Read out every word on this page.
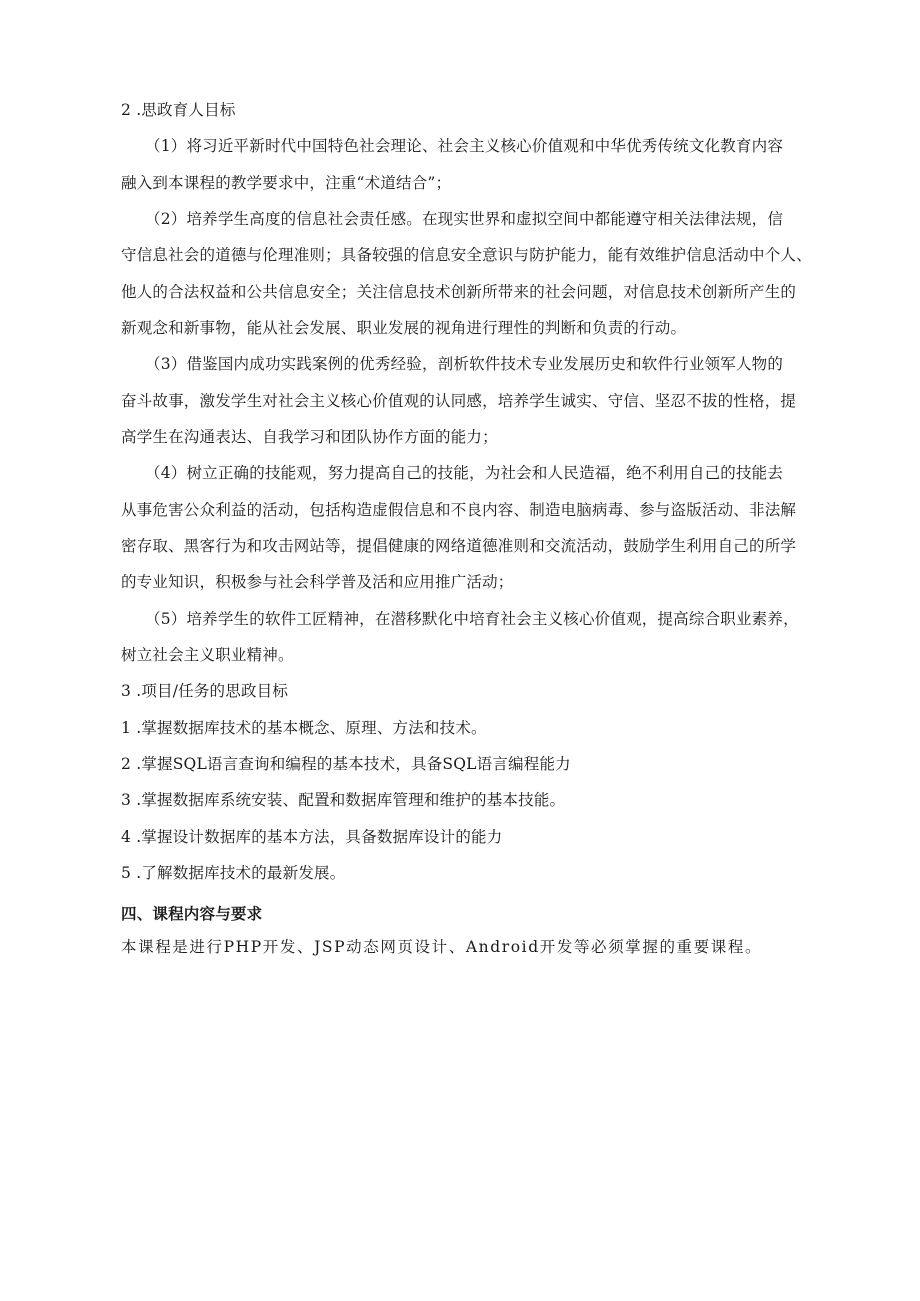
2 .思政育人目标
（1）将习近平新时代中国特色社会理论、社会主义核心价值观和中华优秀传统文化教育内容
融入到本课程的教学要求中，注重“术道结合”；
（2）培养学生高度的信息社会责任感。在现实世界和虚拟空间中都能遵守相关法律法规，信
守信息社会的道德与伦理准则；具备较强的信息安全意识与防护能力，能有效维护信息活动中个人、
他人的合法权益和公共信息安全；关注信息技术创新所带来的社会问题，对信息技术创新所产生的
新观念和新事物，能从社会发展、职业发展的视角进行理性的判断和负责的行动。
（3）借鉴国内成功实践案例的优秀经验，剖析软件技术专业发展历史和软件行业领军人物的
奋斗故事，激发学生对社会主义核心价值观的认同感，培养学生诚实、守信、坚忍不拔的性格，提
高学生在沟通表达、自我学习和团队协作方面的能力；
（4）树立正确的技能观，努力提高自己的技能，为社会和人民造福，绝不利用自己的技能去
从事危害公众利益的活动，包括构造虚假信息和不良内容、制造电脑病毒、参与盗版活动、非法解
密存取、黑客行为和攻击网站等，提倡健康的网络道德准则和交流活动，鼓励学生利用自己的所学
的专业知识，积极参与社会科学普及活和应用推广活动；
（5）培养学生的软件工匠精神，在潜移默化中培育社会主义核心价值观，提高综合职业素养，
树立社会主义职业精神。
3 .项目/任务的思政目标
1 .掌握数据库技术的基本概念、原理、方法和技术。
2 .掌握SQL语言查询和编程的基本技术，具备SQL语言编程能力
3 .掌握数据库系统安装、配置和数据库管理和维护的基本技能。
4 .掌握设计数据库的基本方法，具备数据库设计的能力
5 .了解数据库技术的最新发展。
四、课程内容与要求
本课程是进行PHP开发、JSP动态网页设计、Android开发等必须掌握的重要课程。
